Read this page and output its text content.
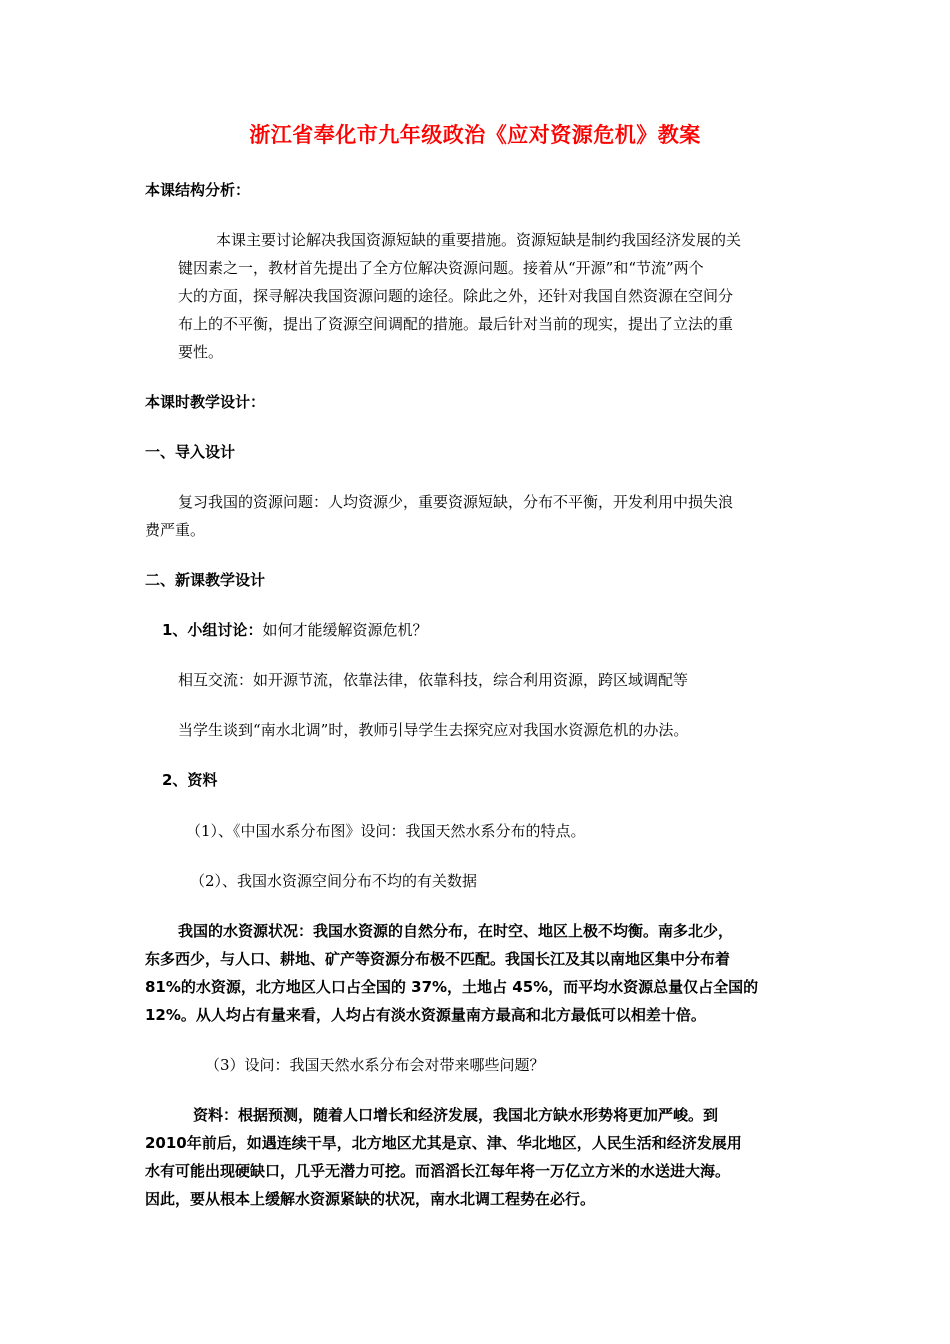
浙江省奉化市九年级政治《应对资源危机》教案
本课结构分析：
本课主要讨论解决我国资源短缺的重要措施。资源短缺是制约我国经济发展的关
键因素之一，教材首先提出了全方位解决资源问题。接着从“开源”和“节流”两个
大的方面，探寻解决我国资源问题的途径。除此之外，还针对我国自然资源在空间分
布上的不平衡，提出了资源空间调配的措施。最后针对当前的现实，提出了立法的重
要性。
本课时教学设计：
一、导入设计
复习我国的资源问题：人均资源少，重要资源短缺，分布不平衡，开发利用中损失浪
费严重。
二、新课教学设计
1、小组讨论：如何才能缓解资源危机？
相互交流：如开源节流，依靠法律，依靠科技，综合利用资源，跨区域调配等
当学生谈到“南水北调”时，教师引导学生去探究应对我国水资源危机的办法。
2、资料
（1）、《中国水系分布图》设问：我国天然水系分布的特点。
（2）、我国水资源空间分布不均的有关数据
我国的水资源状况：我国水资源的自然分布，在时空、地区上极不均衡。南多北少，
东多西少，与人口、耕地、矿产等资源分布极不匹配。我国长江及其以南地区集中分布着
81%的水资源，北方地区人口占全国的 37%，土地占 45%，而平均水资源总量仅占全国的
12%。从人均占有量来看，人均占有淡水资源量南方最高和北方最低可以相差十倍。
（3）设问：我国天然水系分布会对带来哪些问题？
资料：根据预测，随着人口增长和经济发展，我国北方缺水形势将更加严峻。到
2010年前后，如遇连续干旱，北方地区尤其是京、津、华北地区，人民生活和经济发展用
水有可能出现硬缺口，几乎无潜力可挖。而滔滔长江每年将一万亿立方米的水送进大海。
因此，要从根本上缓解水资源紧缺的状况，南水北调工程势在必行。
